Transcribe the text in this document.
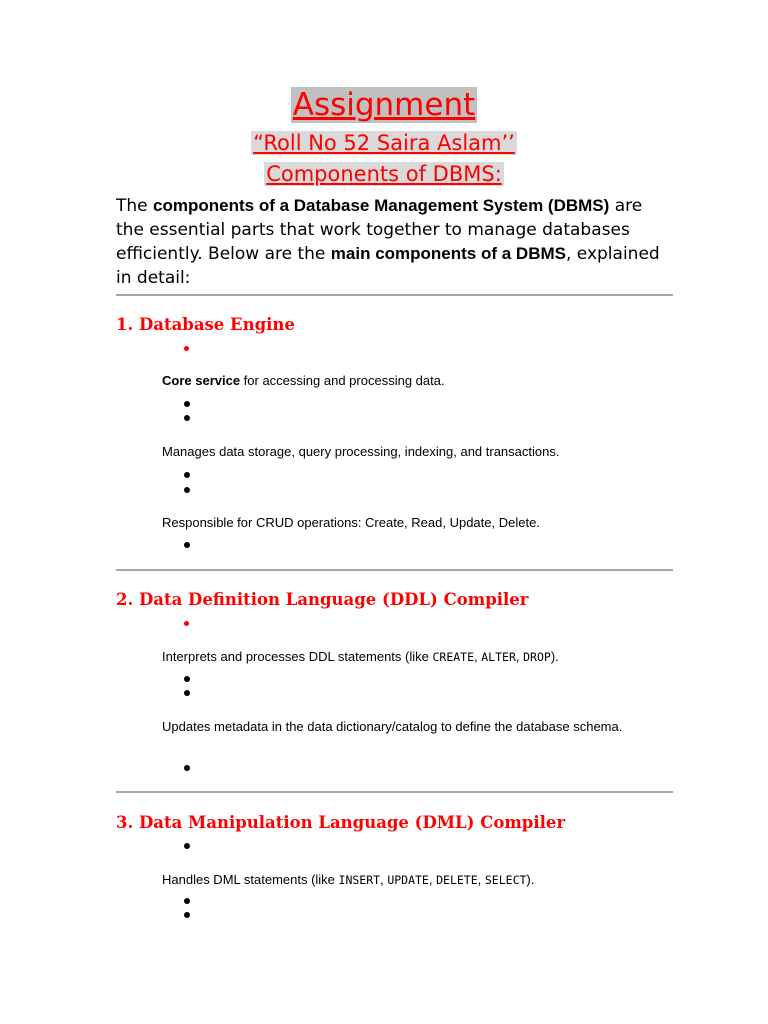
Assignment
“Roll No 52 Saira Aslam’’
Components of DBMS:
The components of a Database Management System (DBMS) are the essential parts that work together to manage databases efficiently. Below are the main components of a DBMS, explained in detail:
1. Database Engine
Core service for accessing and processing data.
Manages data storage, query processing, indexing, and transactions.
Responsible for CRUD operations: Create, Read, Update, Delete.
2. Data Definition Language (DDL) Compiler
Interprets and processes DDL statements (like CREATE, ALTER, DROP).
Updates metadata in the data dictionary/catalog to define the database schema.
3. Data Manipulation Language (DML) Compiler
Handles DML statements (like INSERT, UPDATE, DELETE, SELECT).
